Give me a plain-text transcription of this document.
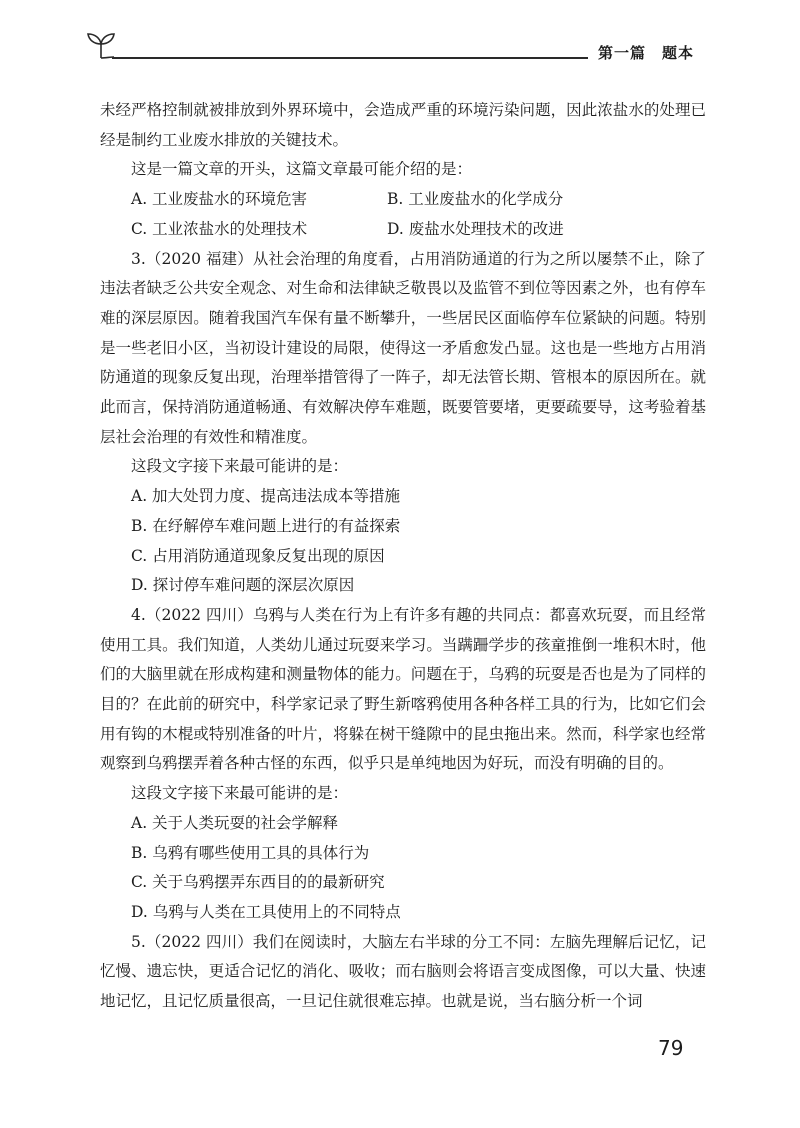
第一篇　题本

未经严格控制就被排放到外界环境中，会造成严重的环境污染问题，因此浓盐水的处理已经是制约工业废水排放的关键技术。

这是一篇文章的开头，这篇文章最可能介绍的是：

A. 工业废盐水的环境危害	B. 工业废盐水的化学成分
C. 工业浓盐水的处理技术	D. 废盐水处理技术的改进

3.（2020 福建）从社会治理的角度看，占用消防通道的行为之所以屡禁不止，除了违法者缺乏公共安全观念、对生命和法律缺乏敬畏以及监管不到位等因素之外，也有停车难的深层原因。随着我国汽车保有量不断攀升，一些居民区面临停车位紧缺的问题。特别是一些老旧小区，当初设计建设的局限，使得这一矛盾愈发凸显。这也是一些地方占用消防通道的现象反复出现，治理举措管得了一阵子，却无法管长期、管根本的原因所在。就此而言，保持消防通道畅通、有效解决停车难题，既要管要堵，更要疏要导，这考验着基层社会治理的有效性和精准度。

这段文字接下来最可能讲的是：

A. 加大处罚力度、提高违法成本等措施

B. 在纾解停车难问题上进行的有益探索

C. 占用消防通道现象反复出现的原因

D. 探讨停车难问题的深层次原因

4.（2022 四川）乌鸦与人类在行为上有许多有趣的共同点：都喜欢玩耍，而且经常使用工具。我们知道，人类幼儿通过玩耍来学习。当蹒跚学步的孩童推倒一堆积木时，他们的大脑里就在形成构建和测量物体的能力。问题在于，乌鸦的玩耍是否也是为了同样的目的？在此前的研究中，科学家记录了野生新喀鸦使用各种各样工具的行为，比如它们会用有钩的木棍或特别准备的叶片，将躲在树干缝隙中的昆虫拖出来。然而，科学家也经常观察到乌鸦摆弄着各种古怪的东西，似乎只是单纯地因为好玩，而没有明确的目的。

这段文字接下来最可能讲的是：

A. 关于人类玩耍的社会学解释

B. 乌鸦有哪些使用工具的具体行为

C. 关于乌鸦摆弄东西目的的最新研究

D. 乌鸦与人类在工具使用上的不同特点

5.（2022 四川）我们在阅读时，大脑左右半球的分工不同：左脑先理解后记忆，记忆慢、遗忘快，更适合记忆的消化、吸收；而右脑则会将语言变成图像，可以大量、快速地记忆，且记忆质量很高，一旦记住就很难忘掉。也就是说，当右脑分析一个词

79
